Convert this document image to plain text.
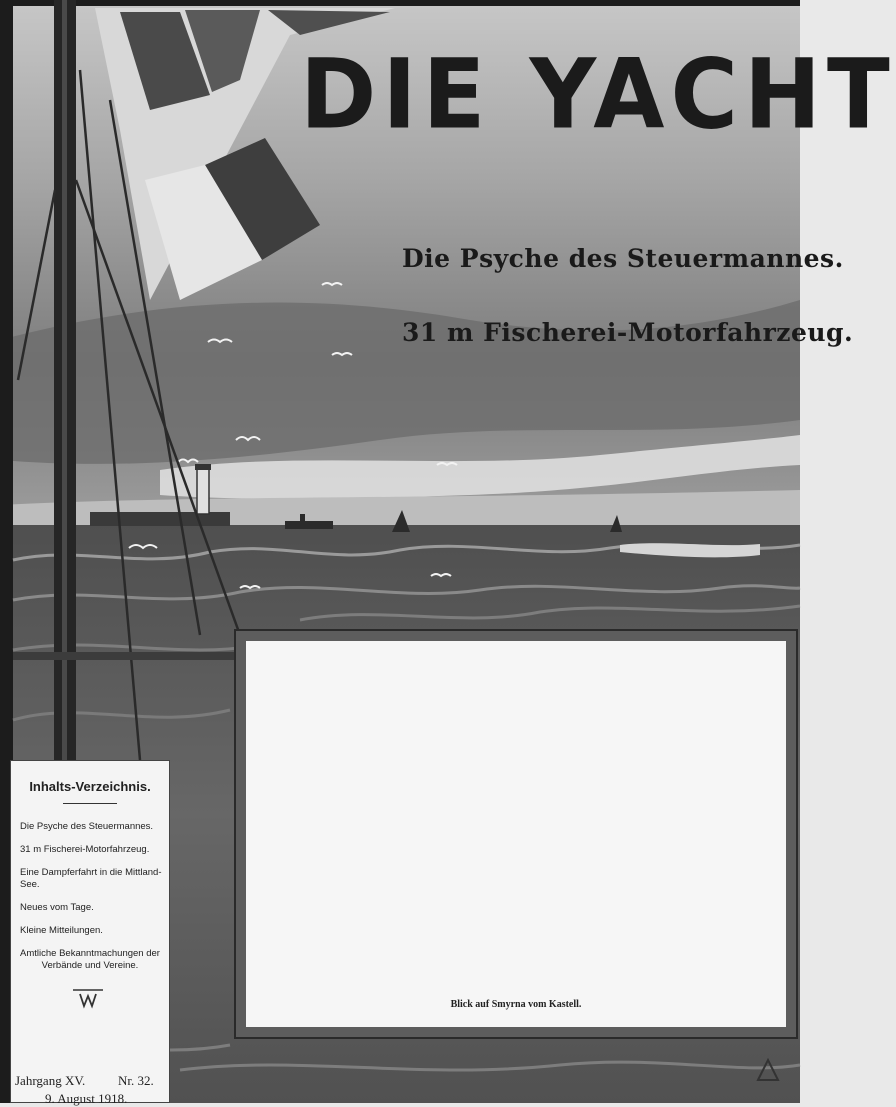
DIE YACHT
Die Psyche des Steuermannes.
31 m Fischerei-Motorfahrzeug.
Blick auf Smyrna vom Kastell.
Inhalts-Verzeichnis.
Die Psyche des Steuermannes.
31 m Fischerei-Motorfahrzeug.
Eine Dampferfahrt in die Mittland-See.
Neues vom Tage.
Kleine Mitteilungen.
Amtliche Bekanntmachungen der Verbände und Vereine.
Jahrgang XV.	Nr. 32.
9. August 1918.
